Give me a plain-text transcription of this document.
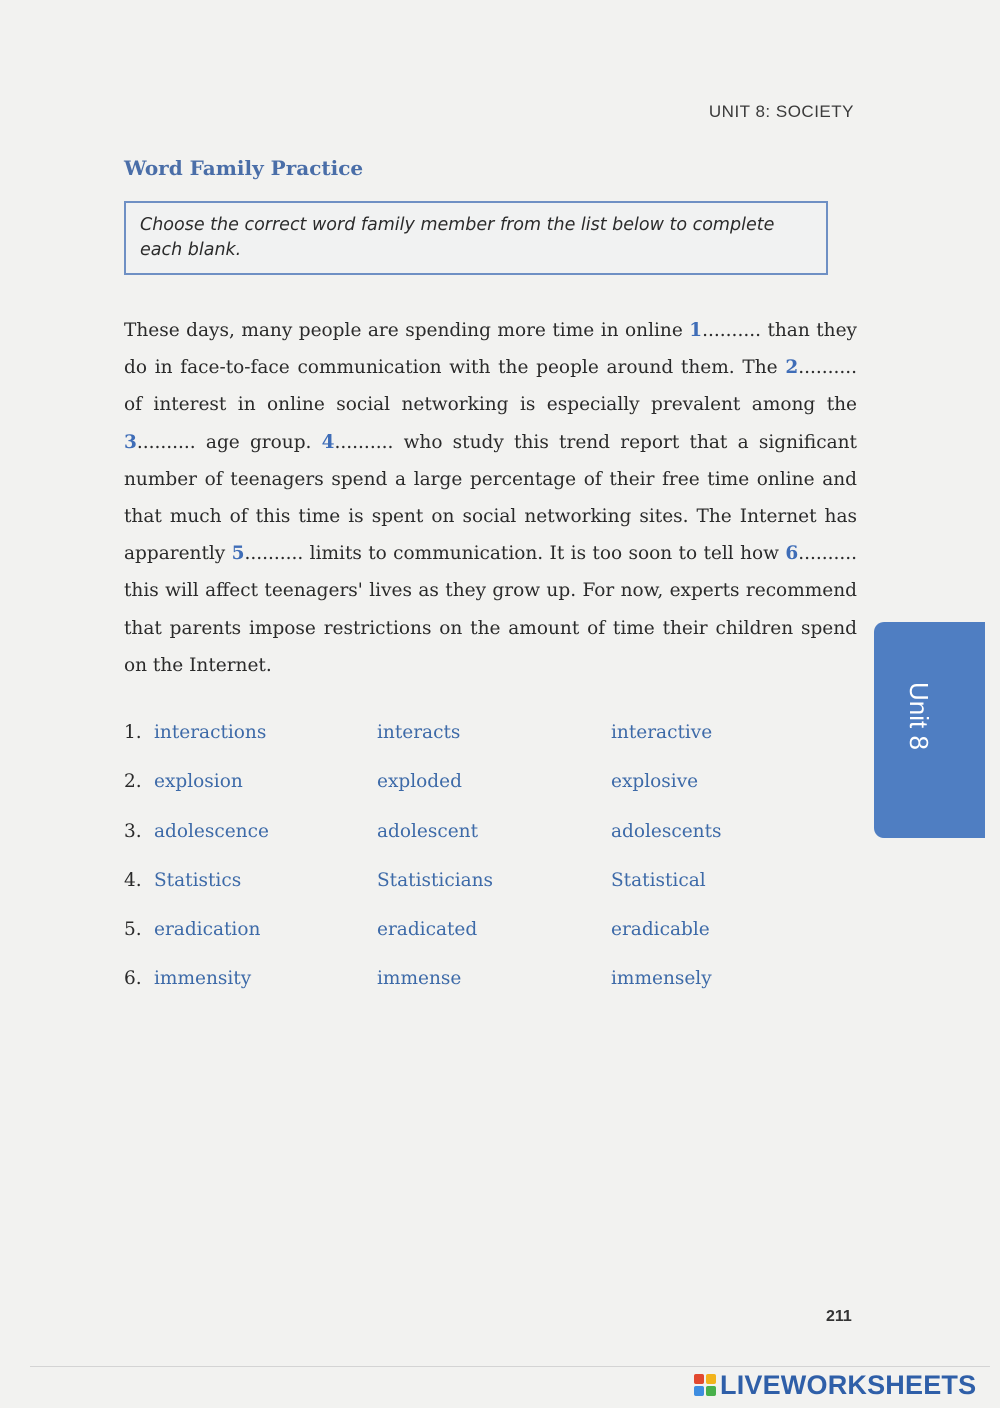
UNIT 8: SOCIETY
Word Family Practice

Choose the correct word family member from the list below to complete each blank.

These days, many people are spending more time in online 1.......... than they do in face-to-face communication with the people around them. The 2.......... of interest in online social networking is especially prevalent among the 3.......... age group. 4.......... who study this trend report that a significant number of teenagers spend a large percentage of their free time online and that much of this time is spent on social networking sites. The Internet has apparently 5.......... limits to communication. It is too soon to tell how 6.......... this will affect teenagers' lives as they grow up. For now, experts recommend that parents impose restrictions on the amount of time their children spend on the Internet.
1. interactions	interacts	interactive
2. explosion	exploded	explosive
3. adolescence	adolescent	adolescents
4. Statistics	Statisticians	Statistical
5. eradication	eradicated	eradicable
6. immensity	immense	immensely
Unit 8
211
LIVEWORKSHEETS
